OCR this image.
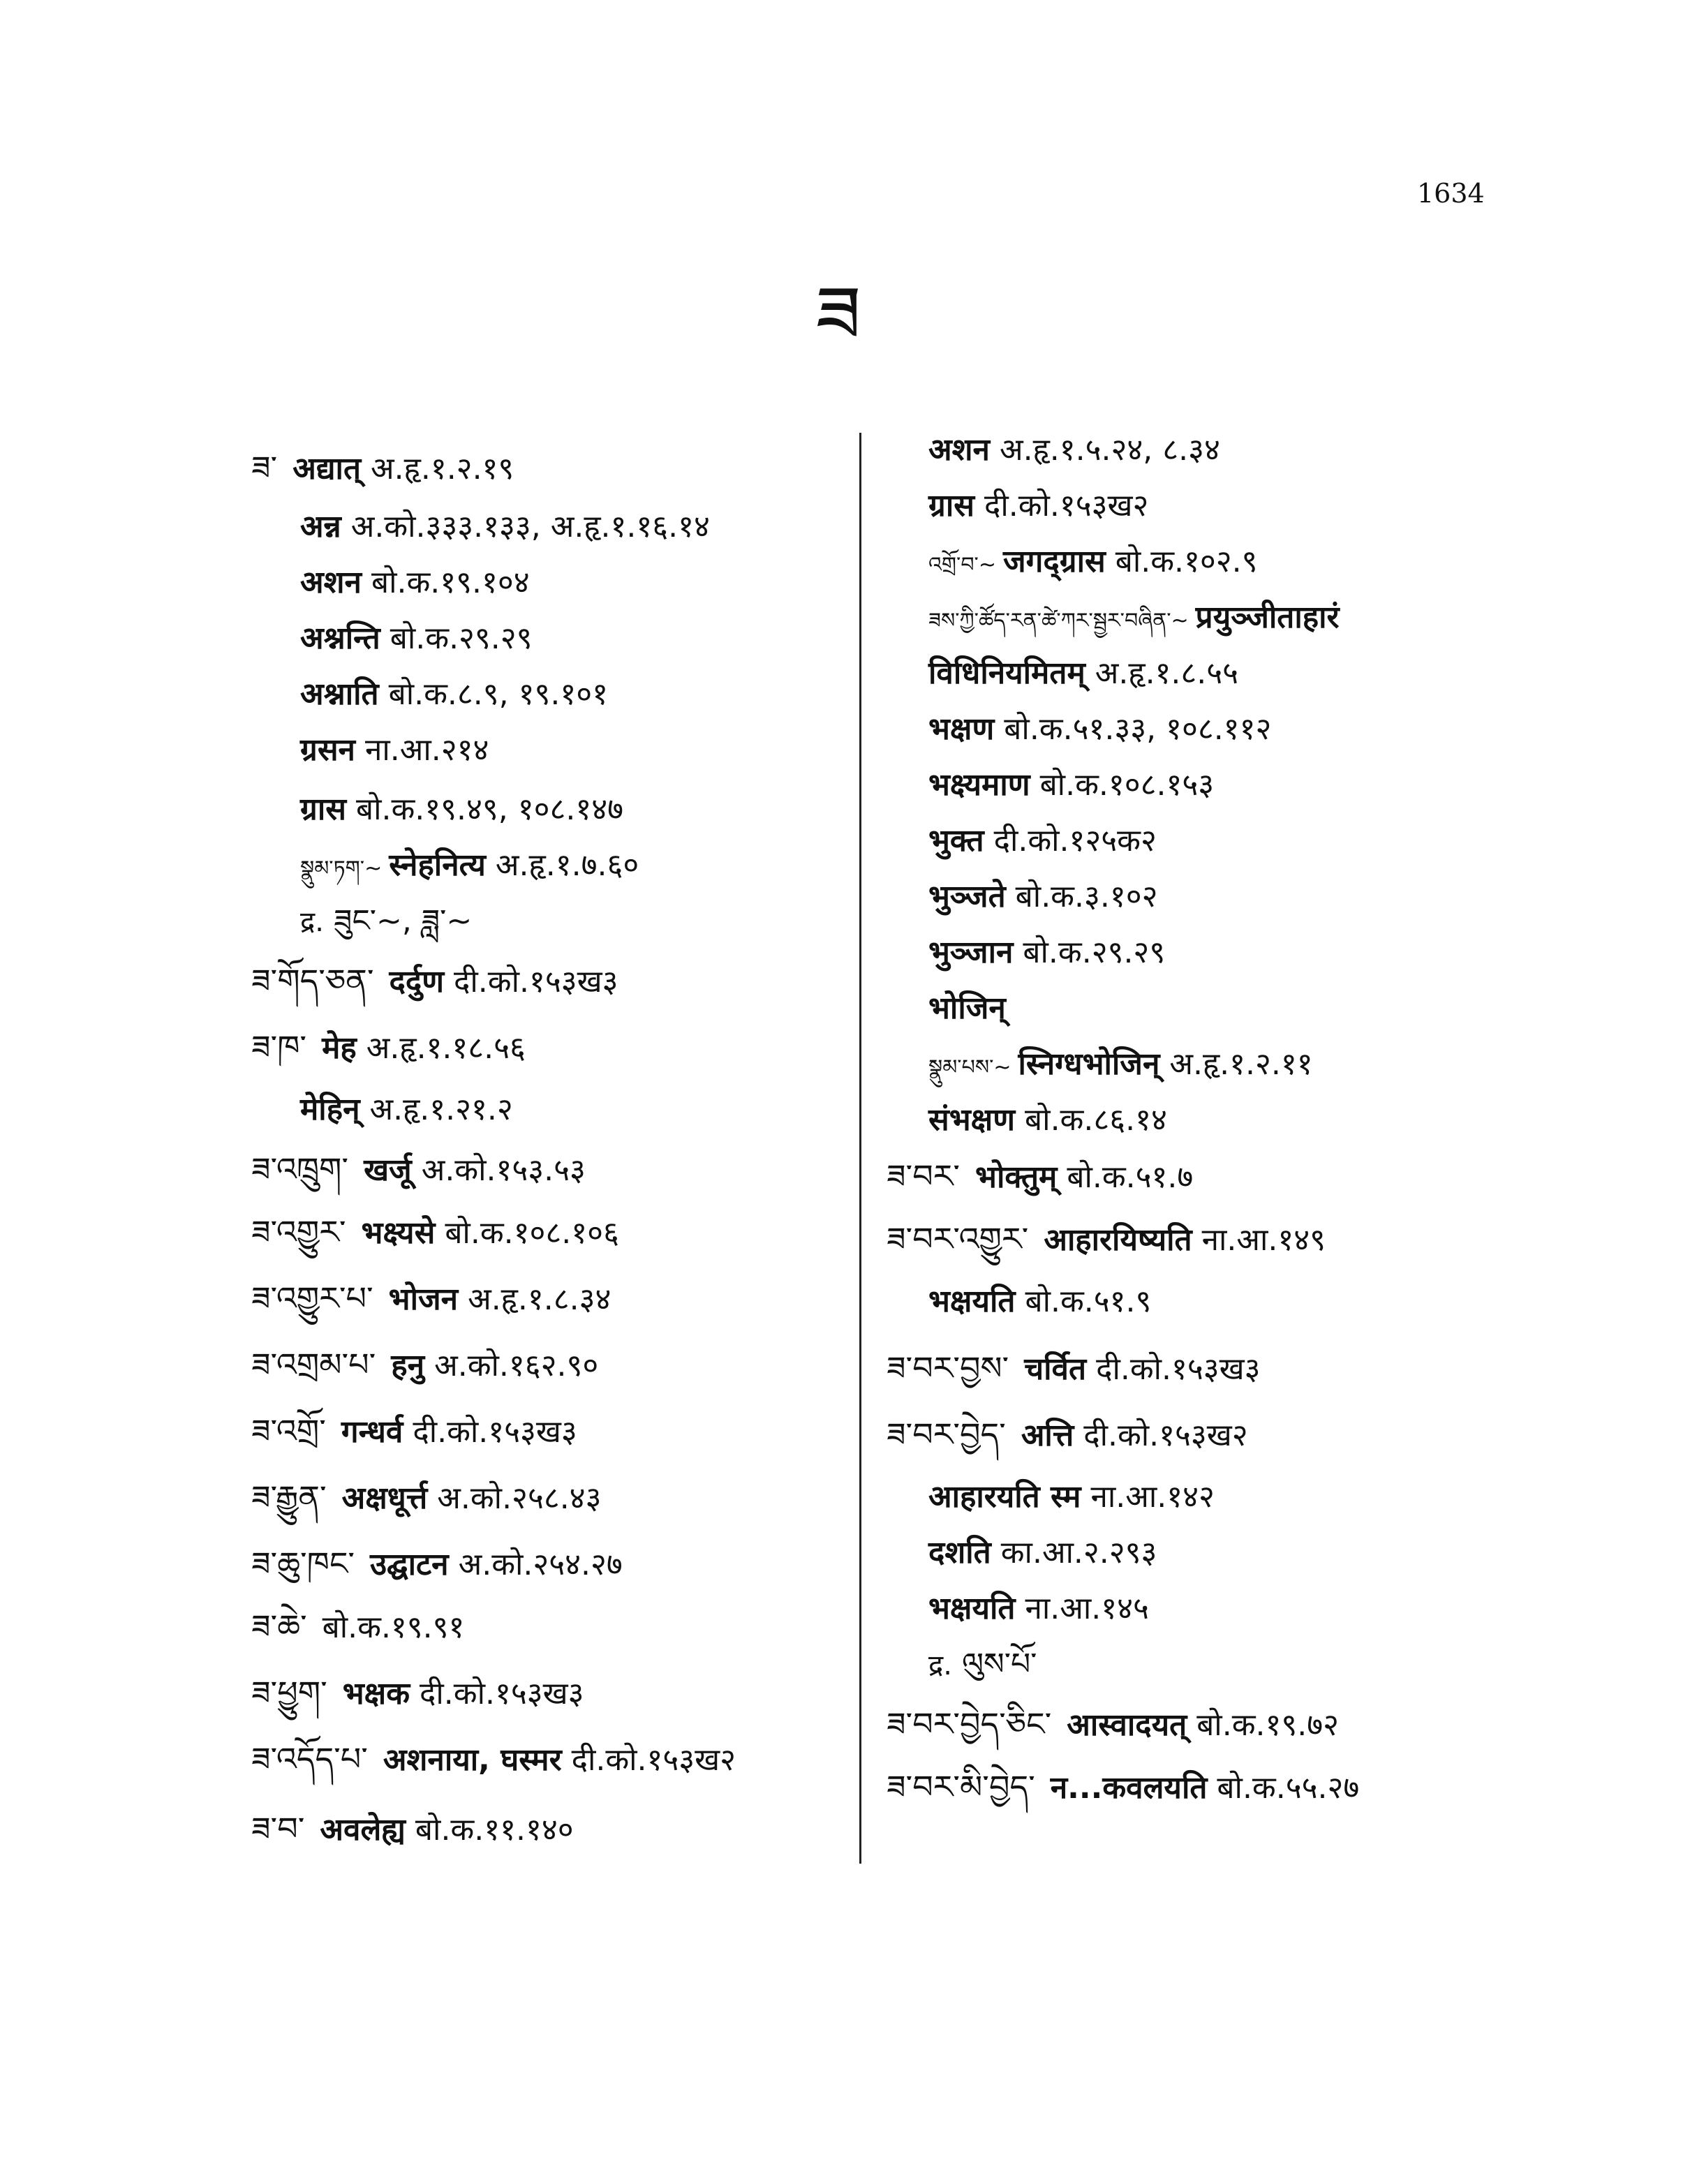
1634
ཟ
ཟ་ अद्यात् अ.हृ.१.२.१९
अन्न अ.को.३३३.१३३, अ.हृ.१.१६.१४
अशन बो.क.१९.१०४
अश्नन्ति बो.क.२९.२९
अश्नाति बो.क.८.९, १९.१०१
ग्रसन ना.आ.२१४
ग्रास बो.क.१९.४९, १०८.१४७
སྣུམ་ཏག་~ स्नेहनित्य अ.हृ.१.७.६०
द्र. ཟུང་~, ཟླ་~
ཟ་གོད་ཅན་ दर्दुण दी.को.१५३ख३
ཟ་ཁ་ मेह अ.हृ.१.१८.५६
मेहिन् अ.हृ.१.२१.२
ཟ་འཁྲུག་ खर्जू अ.को.१५३.५३
ཟ་འགྱུར་ भक्ष्यसे बो.क.१०८.१०६
ཟ་འགྱུར་པ་ भोजन अ.हृ.१.८.३४
ཟ་འགྲམ་པ་ हनु अ.को.१६२.९०
ཟ་འགྲོ་ गन्धर्व दी.को.१५३ख३
ཟ་རྒྱུན་ अक्षधूर्त्त अ.को.२५८.४३
ཟ་ཆུ་ཁང་ उद्घाटन अ.को.२५४.२७
ཟ་ཆེ་ बो.क.१९.९१
ཟ་ཕྱུག་ भक्षक दी.को.१५३ख३
ཟ་འདོད་པ་ अशनाया, घस्मर दी.को.१५३ख२
ཟ་བ་ अवलेह्य बो.क.११.१४०
अशन अ.हृ.१.५.२४, ८.३४
ग्रास दी.को.१५३ख२
འགྲོ་བ་~ जगद्ग्रास बो.क.१०२.९
ཟས་ཀྱི་ཚོད་རན་ཚེ་ཀར་སྦྱར་བཞིན་~ प्रयुञ्जीताहारं
विधिनियमितम् अ.हृ.१.८.५५
भक्षण बो.क.५१.३३, १०८.११२
भक्ष्यमाण बो.क.१०८.१५३
भुक्त दी.को.१२५क२
भुञ्जते बो.क.३.१०२
भुञ्जान बो.क.२९.२९
भोजिन्
སྣུམ་པས་~ स्निग्धभोजिन् अ.हृ.१.२.११
संभक्षण बो.क.८६.१४
ཟ་བར་ भोक्तुम् बो.क.५१.७
ཟ་བར་འགྱུར་ आहारयिष्यति ना.आ.१४९
भक्षयति बो.क.५१.९
ཟ་བར་བྱས་ चर्वित दी.को.१५३ख३
ཟ་བར་བྱེད་ अत्ति दी.को.१५३ख२
आहारयति स्म ना.आ.१४२
दशति का.आ.२.२९३
भक्षयति ना.आ.१४५
द्र. ལུས་པོ་
ཟ་བར་བྱེད་ཅིང་ आस्वादयत् बो.क.१९.७२
ཟ་བར་མི་བྱེད་ न...कवलयति बो.क.५५.२७
